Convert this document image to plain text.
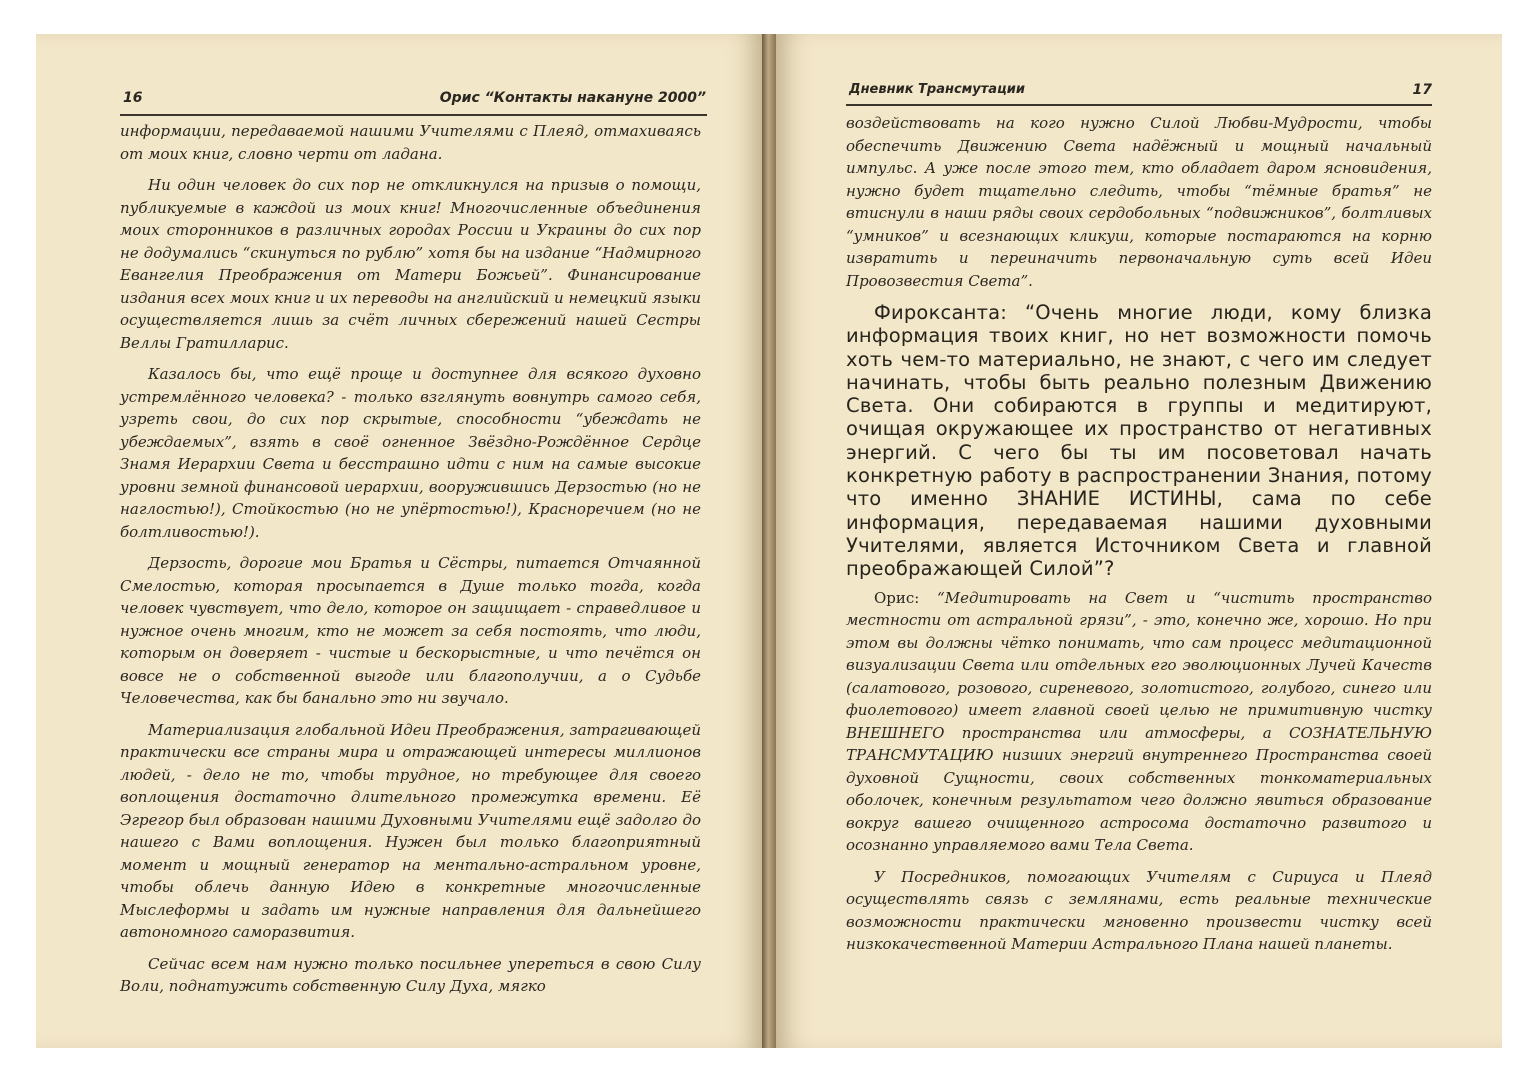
16	Орис “Контакты накануне 2000”

информации, передаваемой нашими Учителями с Плеяд, отмахиваясь от моих книг, словно черти от ладана.

Ни один человек до сих пор не откликнулся на призыв о помощи, публикуемые в каждой из моих книг! Многочисленные объединения моих сторонников в различных городах России и Украины до сих пор не додумались “скинуться по рублю” хотя бы на издание “Надмирного Евангелия Преображения от Матери Божьей”. Финансирование издания всех моих книг и их переводы на английский и немецкий языки осуществляется лишь за счёт личных сбережений нашей Сестры Веллы Гратилларис.

Казалось бы, что ещё проще и доступнее для всякого духовно устремлённого человека? - только взглянуть вовнутрь самого себя, узреть свои, до сих пор скрытые, способности “убеждать не убеждаемых”, взять в своё огненное Звёздно-Рождённое Сердце Знамя Иерархии Света и бесстрашно идти с ним на самые высокие уровни земной финансовой иерархии, вооружившись Дерзостью (но не наглостью!), Стойкостью (но не упёртостью!), Красноречием (но не болтливостью!).

Дерзость, дорогие мои Братья и Сёстры, питается Отчаянной Смелостью, которая просыпается в Душе только тогда, когда человек чувствует, что дело, которое он защищает - справедливое и нужное очень многим, кто не может за себя постоять, что люди, которым он доверяет - чистые и бескорыстные, и что печётся он вовсе не о собственной выгоде или благополучии, а о Судьбе Человечества, как бы банально это ни звучало.

Материализация глобальной Идеи Преображения, затрагивающей практически все страны мира и отражающей интересы миллионов людей, - дело не то, чтобы трудное, но требующее для своего воплощения достаточно длительного промежутка времени. Её Эгрегор был образован нашими Духовными Учителями ещё задолго до нашего с Вами воплощения. Нужен был только благоприятный момент и мощный генератор на ментально-астральном уровне, чтобы облечь данную Идею в конкретные многочисленные Мыслеформы и задать им нужные направления для дальнейшего автономного саморазвития.

Сейчас всем нам нужно только посильнее упереться в свою Силу Воли, поднатужить собственную Силу Духа, мягко

Дневник Трансмутации	17

воздействовать на кого нужно Силой Любви-Мудрости, чтобы обеспечить Движению Света надёжный и мощный начальный импульс. А уже после этого тем, кто обладает даром ясновидения, нужно будет тщательно следить, чтобы “тёмные братья” не втиснули в наши ряды своих сердобольных “подвижников”, болтливых “умников” и всезнающих кликуш, которые постараются на корню извратить и переиначить первоначальную суть всей Идеи Провозвестия Света”.

Фироксанта: “Очень многие люди, кому близка информация твоих книг, но нет возможности помочь хоть чем-то материально, не знают, с чего им следует начинать, чтобы быть реально полезным Движению Света. Они собираются в группы и медитируют, очищая окружающее их пространство от негативных энергий. С чего бы ты им посоветовал начать конкретную работу в распространении Знания, потому что именно ЗНАНИЕ ИСТИНЫ, сама по себе информация, передаваемая нашими духовными Учителями, является Источником Света и главной преображающей Силой”?

Орис: “Медитировать на Свет и “чистить пространство местности от астральной грязи”, - это, конечно же, хорошо. Но при этом вы должны чётко понимать, что сам процесс медитационной визуализации Света или отдельных его эволюционных Лучей Качеств (салатового, розового, сиреневого, золотистого, голубого, синего или фиолетового) имеет главной своей целью не примитивную чистку ВНЕШНЕГО пространства или атмосферы, а СОЗНАТЕЛЬНУЮ ТРАНСМУТАЦИЮ низших энергий внутреннего Пространства своей духовной Сущности, своих собственных тонкоматериальных оболочек, конечным результатом чего должно явиться образование вокруг вашего очищенного астросома достаточно развитого и осознанно управляемого вами Тела Света.

У Посредников, помогающих Учителям с Сириуса и Плеяд осуществлять связь с землянами, есть реальные технические возможности практически мгновенно произвести чистку всей низкокачественной Материи Астрального Плана нашей планеты.
